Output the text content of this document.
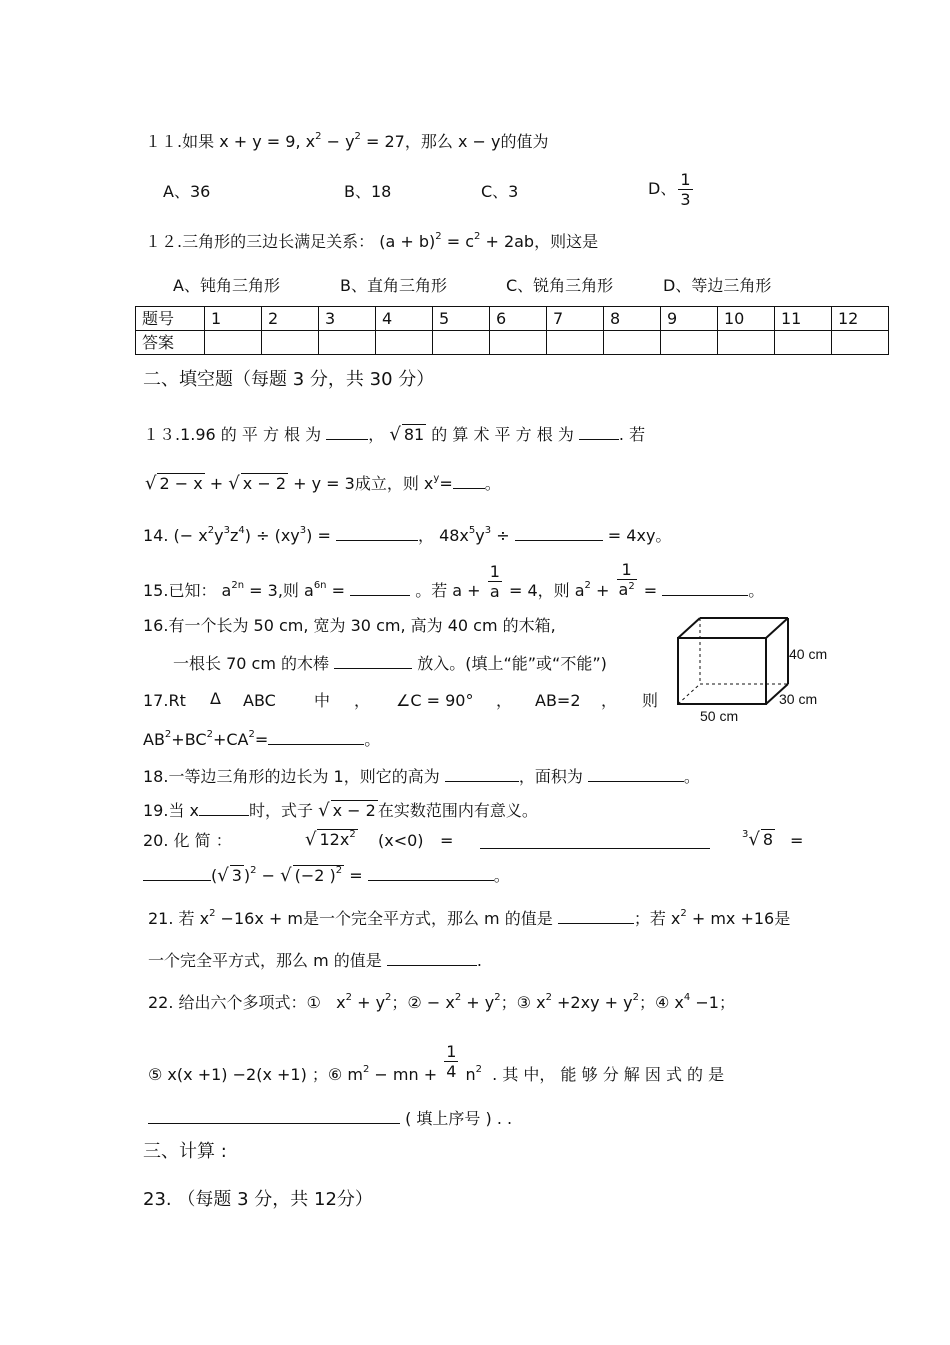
１１.如果 x + y = 9, $x^2 - y^2 = 27$，那么 x − y的值为
A、36	B、18	C、3	D、 $\frac{1}{3}$
１２.三角形的三边长满足关系： $(a + b)^2 = c^2 + 2ab$，则这是
A、钝角三角形	B、直角三角形	C、锐角三角形	D、等边三角形
题号	1	2	3	4	5	6	7	8	9	10	11	12
答案												
二、填空题（每题 3 分，共 30 分）
１３.1.96 的 平 方 根 为	， √ 81 的 算 术 平 方 根 为	. 若
√ 2 − x + √ x − 2 + y = 3成立，则 $x^y=$ 。
14. (− $x^2y^3z^4) \div (xy^3)$ =	， $48x^5y^3$ ÷	= 4xy。
15.已知： $a^{2n} = 3$,则 $a^{6n}$ =	。若 $a + \frac{1}{a} = 4$，则 $a^2 + \frac{1}{a^2}$ =	。
16.有一个长为 50 cm, 宽为 30 cm, 高为 40 cm 的木箱,
一根长 70 cm 的木棒	放入。(填上“能”或“不能”)	40 cm
30 cm
50 cm
17.Rt Δ ABC 中 ， ∠C = 90° ， AB=2 ， 则
$AB^2+BC^2+CA^2=$	。
18.一等边三角形的边长为 1，则它的高为	，面积为	。
19.当 x	时，式子 √ x − 2 在实数范围内有意义。
20. 化 简 ：	√ $12x^2$ (x<0) =	$^3$√ 8 =
(√ 3 )$^2$ − √ (−2 )$^2$ =	。
21. 若 $x^2 -16x + m$是一个完全平方式，那么 m 的值是	；若 $x^2$ + mx +16是
一个完全平方式，那么 m 的值是	.
22. 给出六个多项式：① $x^2 + y^2$；② − $x^2 + y^2$；③ $x^2 +2xy + y^2$；④ $x^4 -1$；
⑤ x(x +1) −2(x +1) ；⑥ $m^2$ − mn + $\frac{1}{4} n^2$ . 其 中， 能 够 分 解 因 式 的 是
( 填上序号 ) . .
三、计算 :
23. （每题 3 分，共 12分）
